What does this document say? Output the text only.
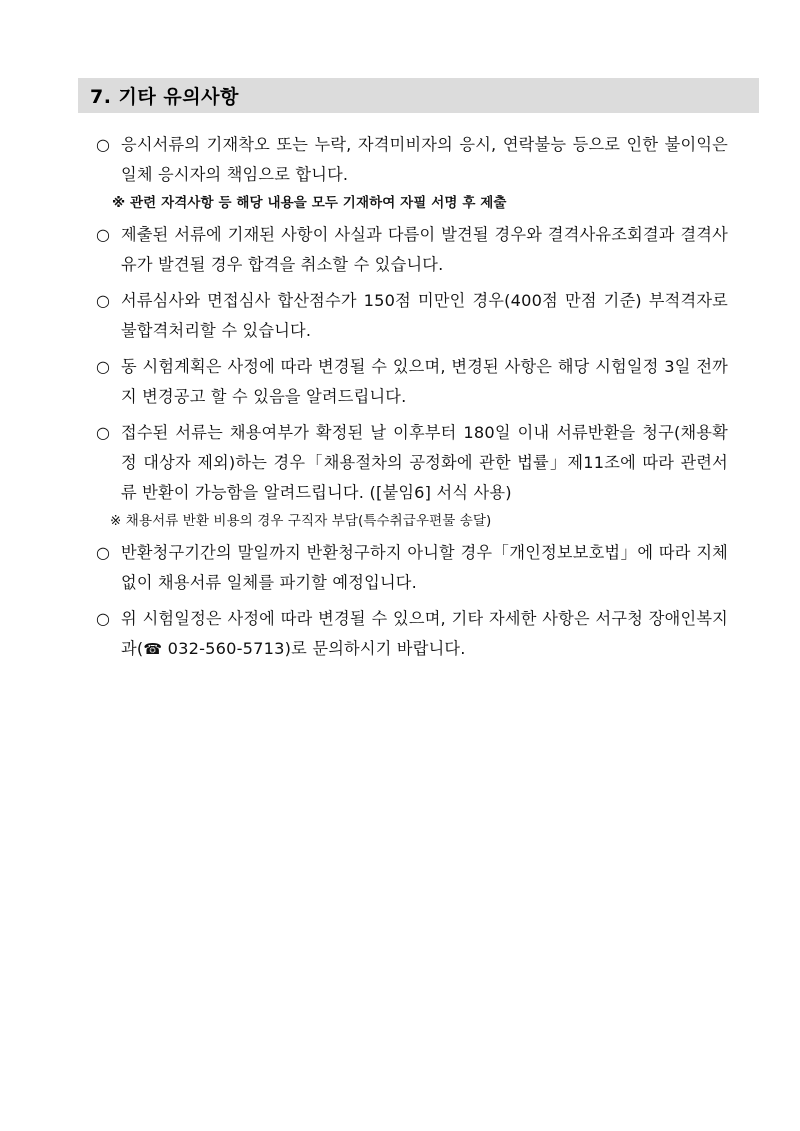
7. 기타 유의사항
○ 응시서류의 기재착오 또는 누락, 자격미비자의 응시, 연락불능 등으로 인한 불이익은 일체 응시자의 책임으로 합니다.
※ 관련 자격사항 등 해당 내용을 모두 기재하여 자필 서명 후 제출
○ 제출된 서류에 기재된 사항이 사실과 다름이 발견될 경우와 결격사유조회결과 결격사유가 발견될 경우 합격을 취소할 수 있습니다.
○ 서류심사와 면접심사 합산점수가 150점 미만인 경우(400점 만점 기준) 부적격자로 불합격처리할 수 있습니다.
○ 동 시험계획은 사정에 따라 변경될 수 있으며, 변경된 사항은 해당 시험일정 3일 전까지 변경공고 할 수 있음을 알려드립니다.
○ 접수된 서류는 채용여부가 확정된 날 이후부터 180일 이내 서류반환을 청구(채용확정 대상자 제외)하는 경우「채용절차의 공정화에 관한 법률」제11조에 따라 관련서류 반환이 가능함을 알려드립니다. ([붙임6] 서식 사용)
※ 채용서류 반환 비용의 경우 구직자 부담(특수취급우편물 송달)
○ 반환청구기간의 말일까지 반환청구하지 아니할 경우「개인정보보호법」에 따라 지체없이 채용서류 일체를 파기할 예정입니다.
○ 위 시험일정은 사정에 따라 변경될 수 있으며, 기타 자세한 사항은 서구청 장애인복지과(☎ 032-560-5713)로 문의하시기 바랍니다.
